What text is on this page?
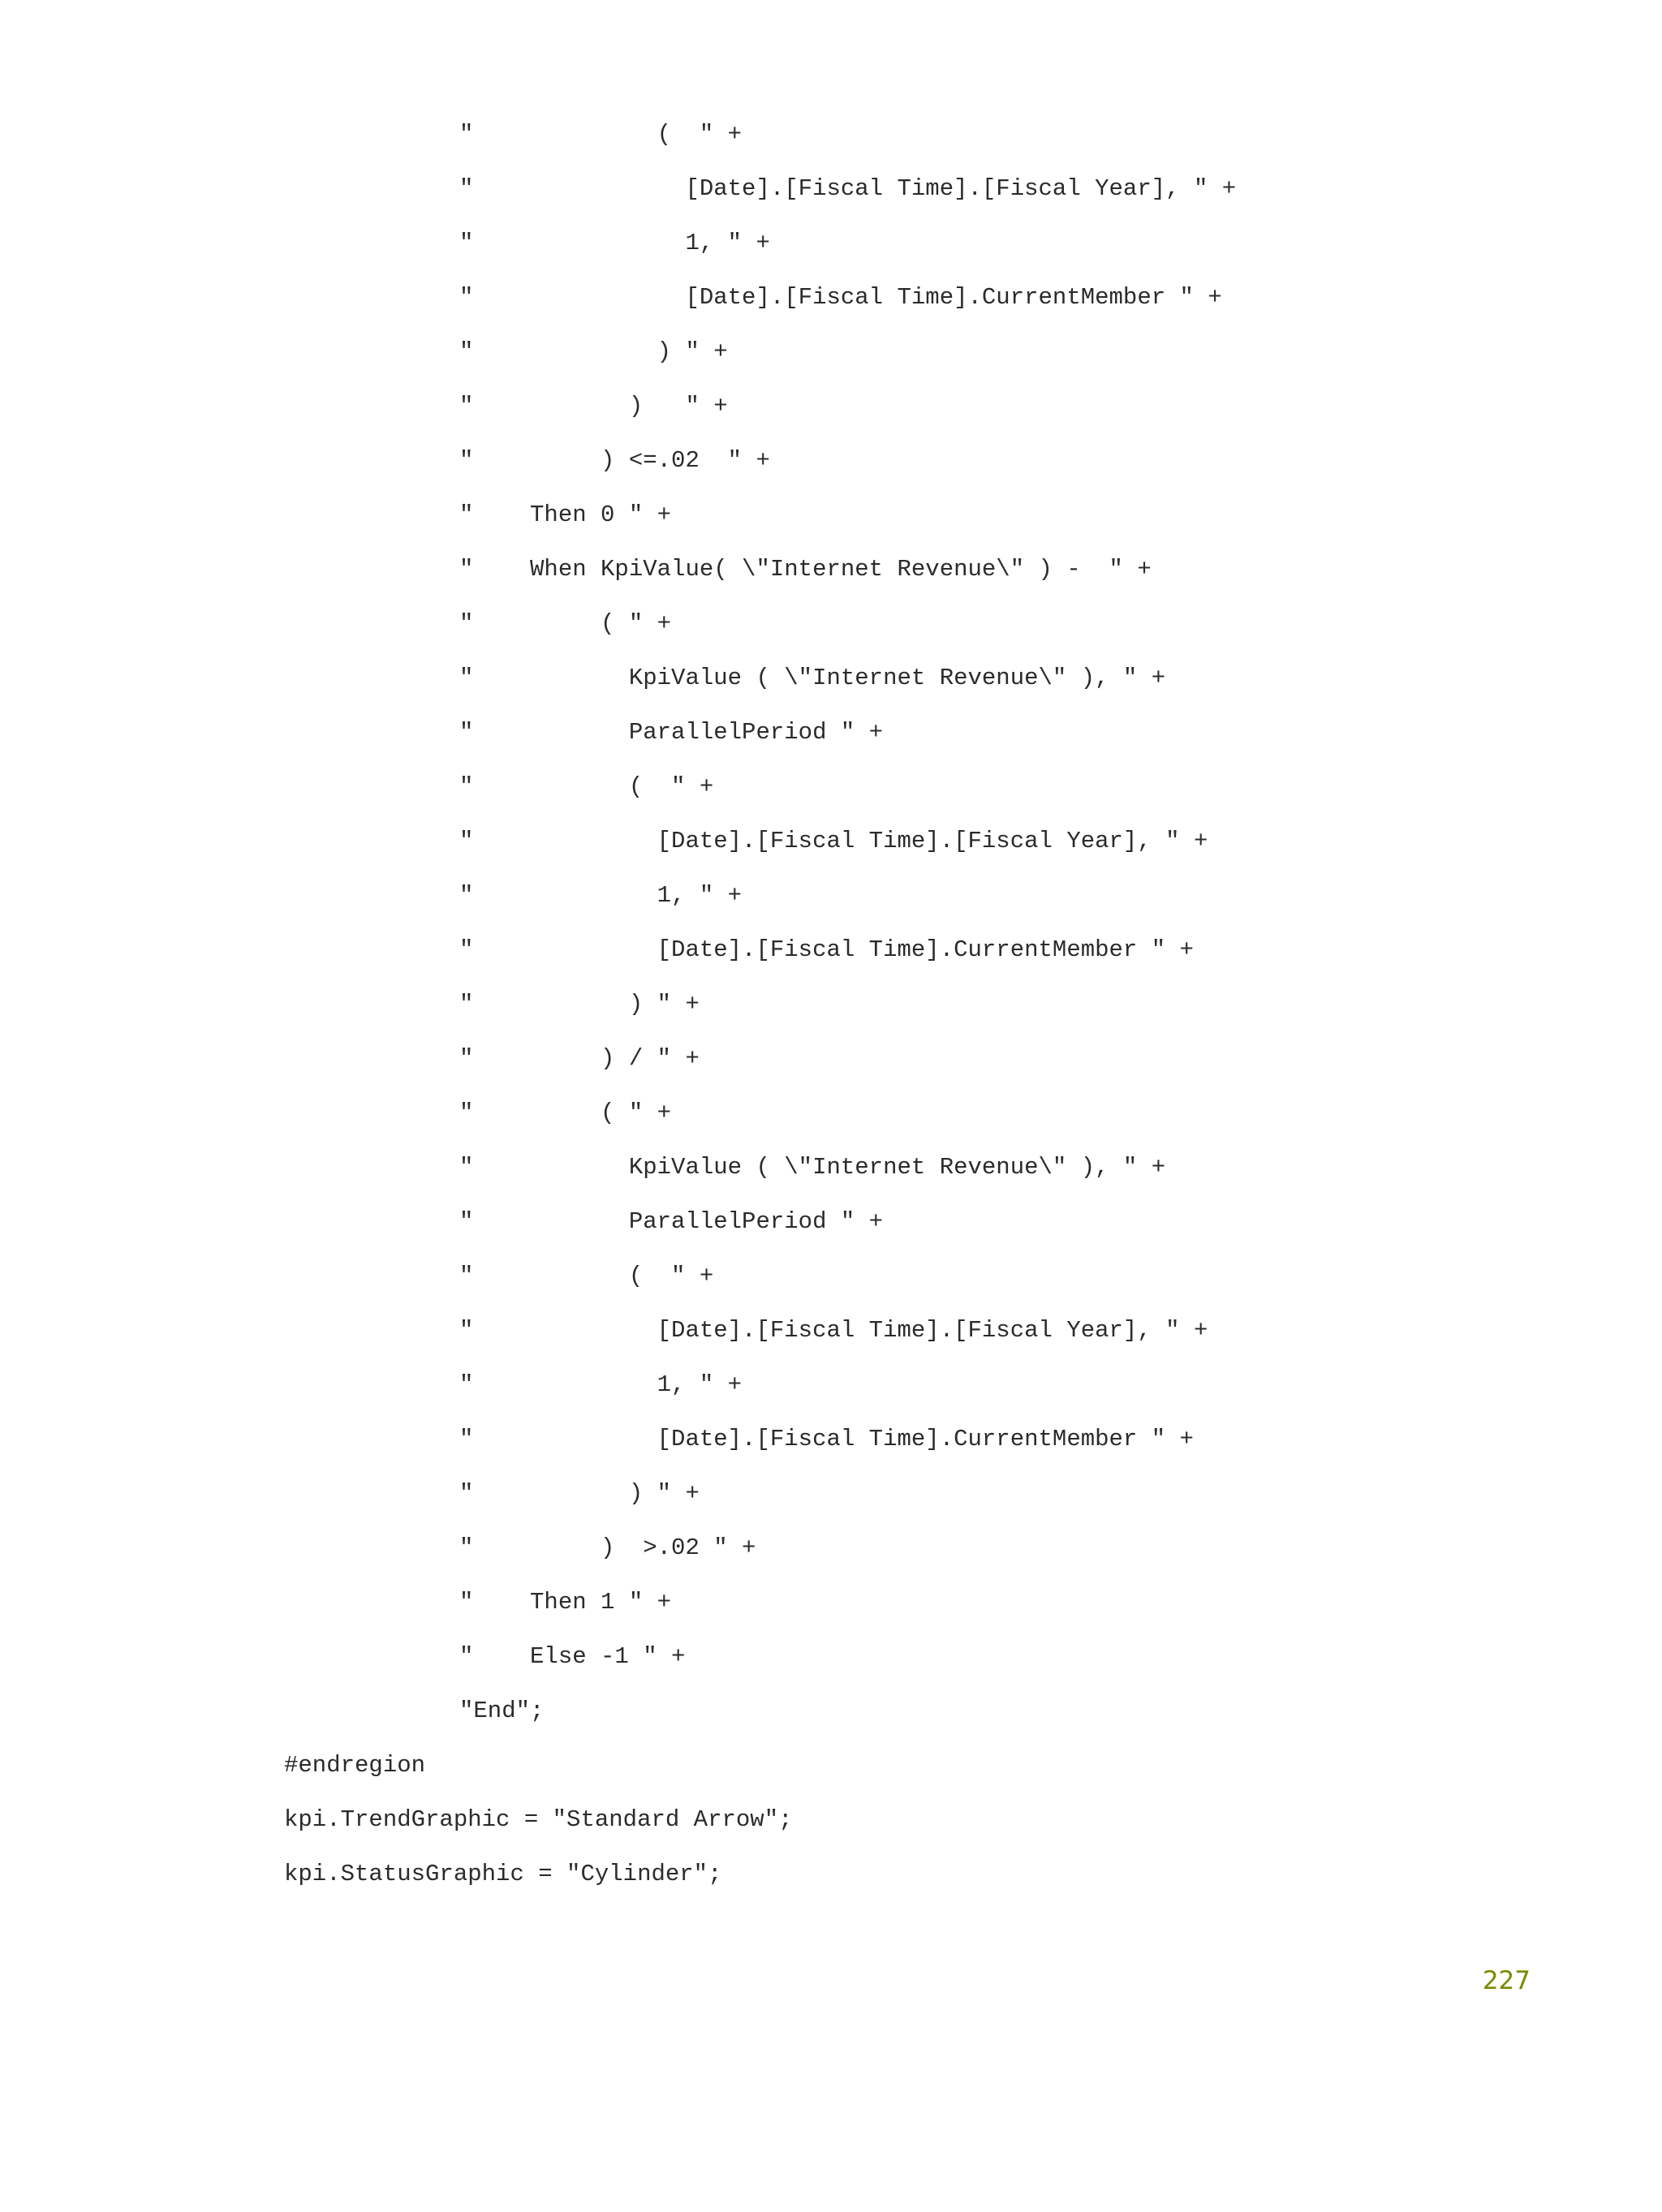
"             (  " +
"               [Date].[Fiscal Time].[Fiscal Year], " +
"               1, " +
"               [Date].[Fiscal Time].CurrentMember " +
"             ) " +
"           )   " +
"         ) <=.02  " +
"    Then 0 " +
"    When KpiValue( \"Internet Revenue\" ) -  " +
"         ( " +
"           KpiValue ( \"Internet Revenue\" ), " +
"           ParallelPeriod " +
"           (  " +
"             [Date].[Fiscal Time].[Fiscal Year], " +
"             1, " +
"             [Date].[Fiscal Time].CurrentMember " +
"           ) " +
"         ) / " +
"         ( " +
"           KpiValue ( \"Internet Revenue\" ), " +
"           ParallelPeriod " +
"           (  " +
"             [Date].[Fiscal Time].[Fiscal Year], " +
"             1, " +
"             [Date].[Fiscal Time].CurrentMember " +
"           ) " +
"         )  >.02 " +
"    Then 1 " +
"    Else -1 " +
"End";
#endregion
kpi.TrendGraphic = "Standard Arrow";
kpi.StatusGraphic = "Cylinder";
227
